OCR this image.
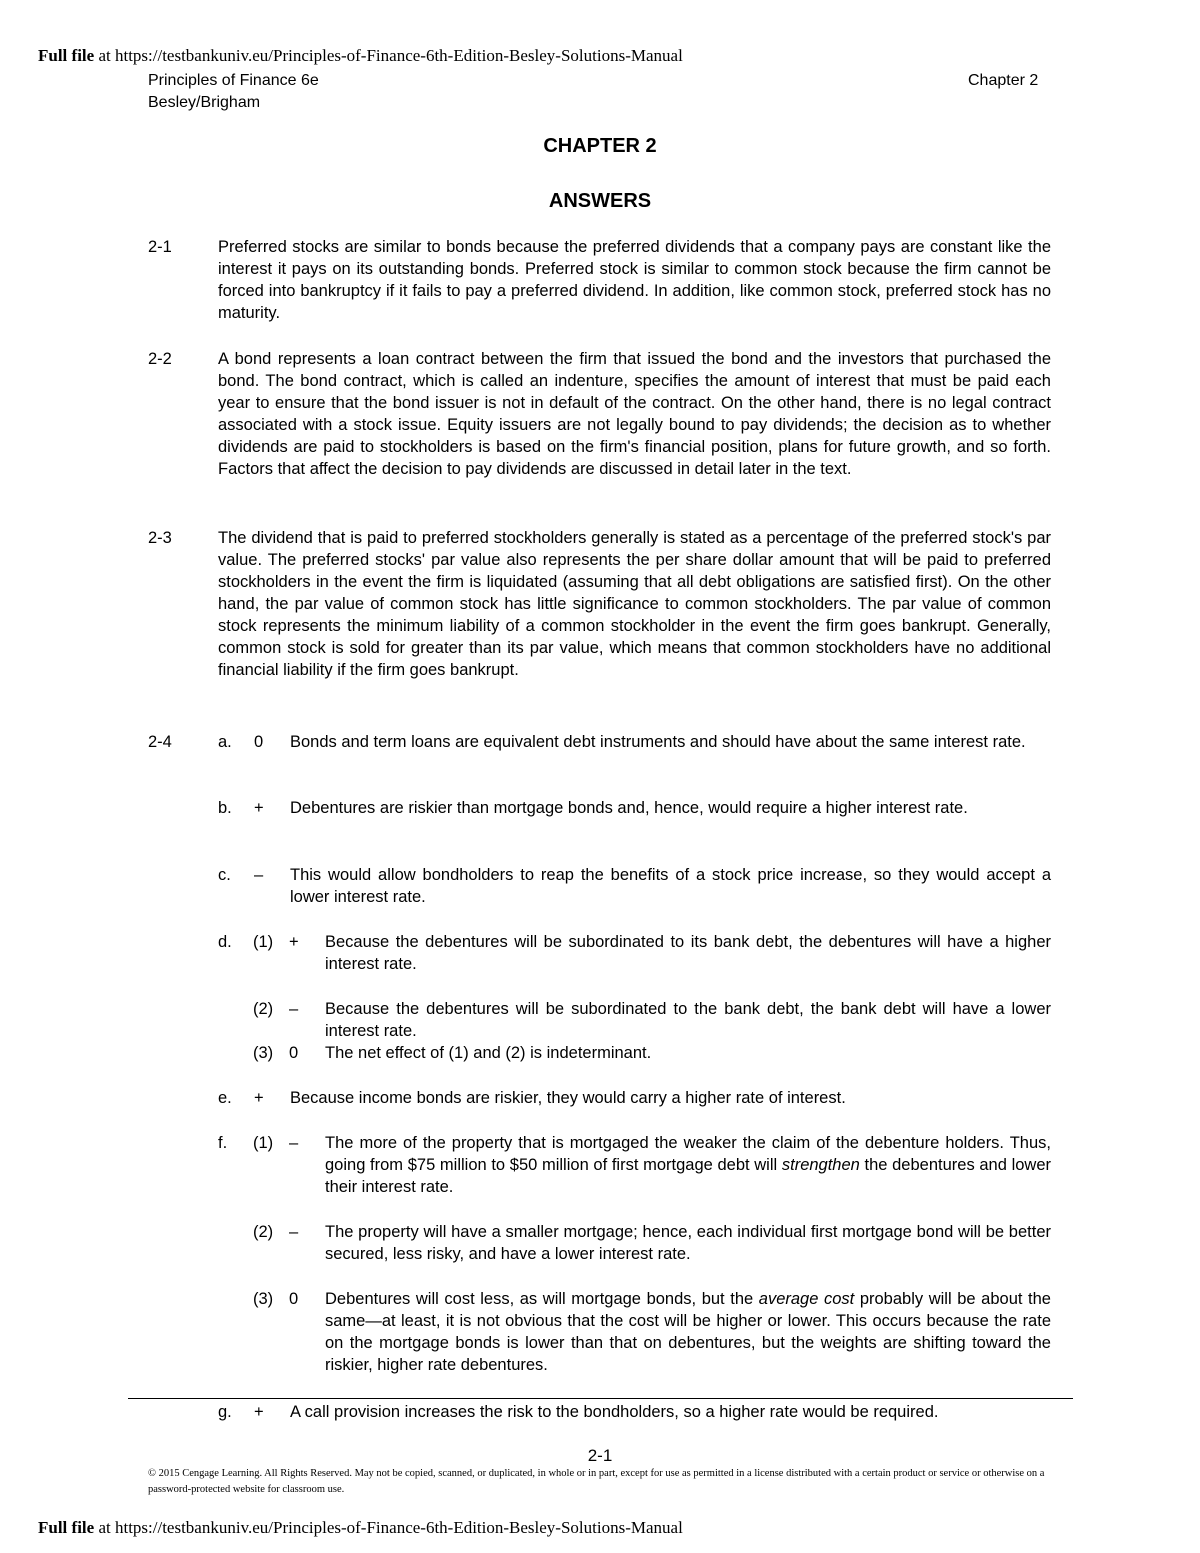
Full file at https://testbankuniv.eu/Principles-of-Finance-6th-Edition-Besley-Solutions-Manual
Principles of Finance 6e
Besley/Brigham
Chapter 2
CHAPTER 2
ANSWERS
2-1	Preferred stocks are similar to bonds because the preferred dividends that a company pays are constant like the interest it pays on its outstanding bonds. Preferred stock is similar to common stock because the firm cannot be forced into bankruptcy if it fails to pay a preferred dividend. In addition, like common stock, preferred stock has no maturity.
2-2	A bond represents a loan contract between the firm that issued the bond and the investors that purchased the bond. The bond contract, which is called an indenture, specifies the amount of interest that must be paid each year to ensure that the bond issuer is not in default of the contract. On the other hand, there is no legal contract associated with a stock issue. Equity issuers are not legally bound to pay dividends; the decision as to whether dividends are paid to stockholders is based on the firm's financial position, plans for future growth, and so forth. Factors that affect the decision to pay dividends are discussed in detail later in the text.
2-3	The dividend that is paid to preferred stockholders generally is stated as a percentage of the preferred stock's par value. The preferred stocks' par value also represents the per share dollar amount that will be paid to preferred stockholders in the event the firm is liquidated (assuming that all debt obligations are satisfied first). On the other hand, the par value of common stock has little significance to common stockholders. The par value of common stock represents the minimum liability of a common stockholder in the event the firm goes bankrupt. Generally, common stock is sold for greater than its par value, which means that common stockholders have no additional financial liability if the firm goes bankrupt.
2-4	a. 0 Bonds and term loans are equivalent debt instruments and should have about the same interest rate.
b. + Debentures are riskier than mortgage bonds and, hence, would require a higher interest rate.
c. – This would allow bondholders to reap the benefits of a stock price increase, so they would accept a lower interest rate.
d. (1) + Because the debentures will be subordinated to its bank debt, the debentures will have a higher interest rate.
(2) – Because the debentures will be subordinated to the bank debt, the bank debt will have a lower interest rate.
(3) 0 The net effect of (1) and (2) is indeterminant.
e. + Because income bonds are riskier, they would carry a higher rate of interest.
f. (1) – The more of the property that is mortgaged the weaker the claim of the debenture holders. Thus, going from $75 million to $50 million of first mortgage debt will strengthen the debentures and lower their interest rate.
(2) – The property will have a smaller mortgage; hence, each individual first mortgage bond will be better secured, less risky, and have a lower interest rate.
(3) 0 Debentures will cost less, as will mortgage bonds, but the average cost probably will be about the same—at least, it is not obvious that the cost will be higher or lower. This occurs because the rate on the mortgage bonds is lower than that on debentures, but the weights are shifting toward the riskier, higher rate debentures.
g. + A call provision increases the risk to the bondholders, so a higher rate would be required.
2-1
© 2015 Cengage Learning. All Rights Reserved. May not be copied, scanned, or duplicated, in whole or in part, except for use as permitted in a license distributed with a certain product or service or otherwise on a password-protected website for classroom use.
Full file at https://testbankuniv.eu/Principles-of-Finance-6th-Edition-Besley-Solutions-Manual
